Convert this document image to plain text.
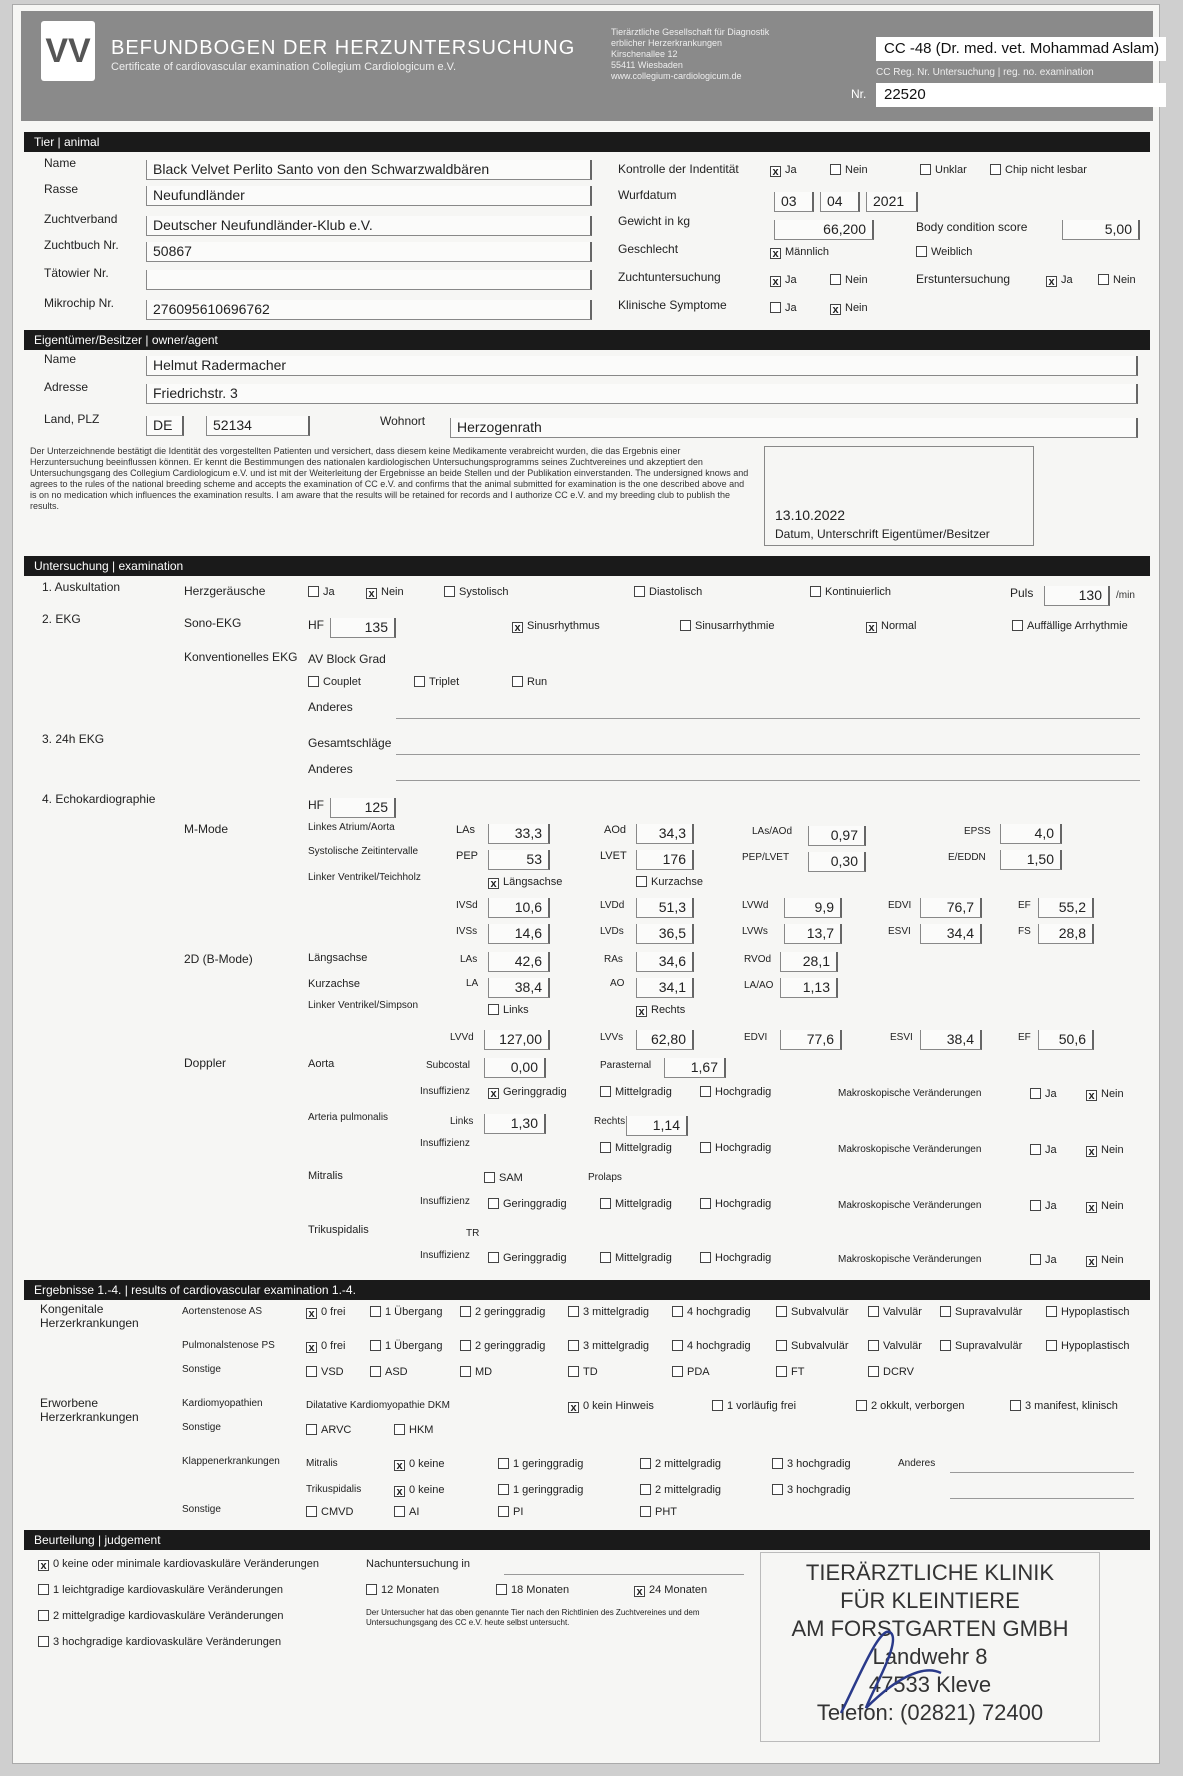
VV BEFUNDBOGEN DER HERZUNTERSUCHUNG
Certificate of cardiovascular examination Collegium Cardiologicum e.V.
Tierärztliche Gesellschaft für Diagnostik erblicher Herzerkrankungen
Kirschenallee 12
55411 Wiesbaden
www.collegium-cardiologicum.de
CC -48 (Dr. med. vet. Mohammad Aslam)
CC Reg. Nr. Untersuchung | reg. no. examination
Nr.	22520
Tier | animal
Name	Black Velvet Perlito Santo von den Schwarzwaldbären
Rasse	Neufundländer
Zuchtverband	Deutscher Neufundländer-Klub e.V.
Zuchtbuch Nr.	50867
Tätowier Nr.
Mikrochip Nr.	276095610696762
Kontrolle der Indentität	x Ja	Nein	Unklar	Chip nicht lesbar
Wurfdatum	03	04	2021
Gewicht in kg	66,200	Body condition score	5,00
Geschlecht	x Männlich	Weiblich
Zuchtuntersuchung	x Ja	Nein	Erstuntersuchung	x Ja	Nein
Klinische Symptome	Ja	x Nein
Eigentümer/Besitzer | owner/agent
Name	Helmut Radermacher
Adresse	Friedrichstr. 3
Land, PLZ	DE	52134	Wohnort	Herzogenrath
Der Unterzeichnende bestätigt die Identität des vorgestellten Patienten und versichert, dass diesem keine Medikamente verabreicht wurden, die das Ergebnis einer Herzuntersuchung beeinflussen können. Er kennt die Bestimmungen des nationalen kardiologischen Untersuchungsprogramms seines Zuchtvereines und akzeptiert den Untersuchungsgang des Collegium Cardiologicum e.V. und ist mit der Weiterleitung der Ergebnisse an beide Stellen und der Publikation einverstanden. The undersigned knows and agrees to the rules of the national breeding scheme and accepts the examination of CC e.V. and confirms that the animal submitted for examination is the one described above and is on no medication which influences the examination results. I am aware that the results will be retained for records and I authorize CC e.V. and my breeding club to publish the results.
13.10.2022
Datum, Unterschrift Eigentümer/Besitzer
Untersuchung | examination
1. Auskultation	Herzgeräusche	Ja	x Nein	Systolisch	Diastolisch	Kontinuierlich	Puls	130	/min
2. EKG	Sono-EKG	HF	135	x Sinusrhythmus	Sinusarrhythmie	x Normal	Auffällige Arrhythmie
Konventionelles EKG AV Block Grad
Couplet	Triplet	Run
Anderes
3. 24h EKG	Gesamtschläge
Anderes
4. Echokardiographie	HF	125
M-Mode	Linkes Atrium/Aorta	LAs	33,3	AOd	34,3	LAs/AOd	0,97	EPSS	4,0
Systolische Zeitintervalle	PEP	53	LVET	176	PEP/LVET	0,30	E/EDDN	1,50
Linker Ventrikel/Teichholz
x Längsachse	Kurzachse
IVSd	10,6	LVDd	51,3	LVWd	9,9	EDVI	76,7	EF	55,2
IVSs	14,6	LVDs	36,5	LVWs	13,7	ESVI	34,4	FS	28,8
2D (B-Mode)	Längsachse	LAs	42,6	RAs	34,6	RVOd	28,1
Kurzachse	LA	38,4	AO	34,1	LA/AO	1,13
Linker Ventrikel/Simpson	Links	x Rechts
LVVd	127,00	LVVs	62,80	EDVI	77,6	ESVI	38,4	EF	50,6
Doppler	Aorta	Subcostal	0,00	Parasternal	1,67
Insuffizienz x Geringgradig	Mittelgradig	Hochgradig	Makroskopische Veränderungen	Ja	x Nein
Arteria pulmonalis	Links	1,30	Rechts	1,14
Insuffizienz	Mittelgradig	Hochgradig	Makroskopische Veränderungen	Ja	x Nein
Mitralis	SAM	Prolaps
Insuffizienz	Geringgradig	Mittelgradig	Hochgradig	Makroskopische Veränderungen	Ja	x Nein
Trikuspidalis	TR
Insuffizienz	Geringgradig	Mittelgradig	Hochgradig	Makroskopische Veränderungen	Ja	x Nein
Ergebnisse 1.-4. | results of cardiovascular examination 1.-4.
Kongenitale Herzerkrankungen
Aortenstenose AS	x 0 frei	1 Übergang	2 geringgradig	3 mittelgradig	4 hochgradig	Subvalvulär	Valvulär	Supravalvulär	Hypoplastisch
Pulmonalstenose PS	x 0 frei	1 Übergang	2 geringgradig	3 mittelgradig	4 hochgradig	Subvalvulär	Valvulär	Supravalvulär	Hypoplastisch
Sonstige	VSD	ASD	MD	TD	PDA	FT	DCRV
Erworbene Herzerkrankungen
Kardiomyopathien	Dilatative Kardiomyopathie DKM	x 0 kein Hinweis	1 vorläufig frei	2 okkult, verborgen	3 manifest, klinisch
Sonstige	ARVC	HKM
Klappenerkrankungen	Mitralis	x 0 keine	1 geringgradig	2 mittelgradig	3 hochgradig	Anderes
Trikuspidalis	x 0 keine	1 geringgradig	2 mittelgradig	3 hochgradig
Sonstige	CMVD	AI	PI	PHT
Beurteilung | judgement
x 0 keine oder minimale kardiovaskuläre Veränderungen
1 leichtgradige kardiovaskuläre Veränderungen
2 mittelgradige kardiovaskuläre Veränderungen
3 hochgradige kardiovaskuläre Veränderungen
Nachuntersuchung in
12 Monaten	18 Monaten	x 24 Monaten
Der Untersucher hat das oben genannte Tier nach den Richtlinien des Zuchtvereines und dem Untersuchungsgang des CC e.V. heute selbst untersucht.
TIERÄRZTLICHE KLINIK
FÜR KLEINTIERE
AM FORSTGARTEN GMBH
Landwehr 8
47533 Kleve
Telefon: (02821) 72400
